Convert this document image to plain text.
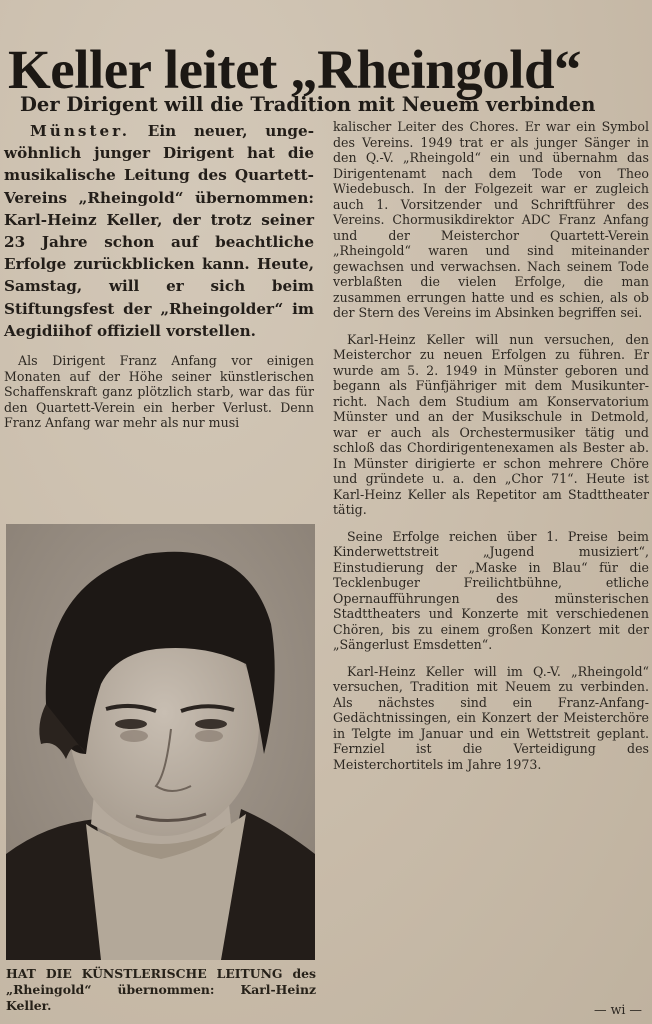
Keller leitet „Rheingold“
Der Dirigent will die Tradition mit Neuem verbinden

Münster. Ein neuer, ungewöhnlich junger Dirigent hat die musikalische Leitung des Quartett-Vereins „Rheingold“ übernommen: Karl-Heinz Keller, der trotz seiner 23 Jahre schon auf beachtliche Erfolge zurückblicken kann. Heute, Samstag, will er sich beim Stiftungsfest der „Rheingolder“ im Aegidiihof offiziell vorstellen.

Als Dirigent Franz Anfang vor einigen Monaten auf der Höhe seiner künstlerischen Schaffenskraft ganz plötzlich starb, war das für den Quartett-Verein ein herber Verlust. Denn Franz Anfang war mehr als nur musi

HAT DIE KÜNSTLERISCHE LEITUNG des „Rheingold“ übernommen: Karl-Heinz Keller.

kalischer Leiter des Chores. Er war ein Symbol des Vereins. 1949 trat er als junger Sänger in den Q.-V. „Rheingold“ ein und übernahm das Dirigentenamt nach dem Tode von Theo Wiedebusch. In der Folgezeit war er zugleich auch 1. Vorsitzender und Schriftführer des Vereins. Chormusikdirektor ADC Franz Anfang und der Meisterchor Quartett-Verein „Rheingold“ waren und sind miteinander gewachsen und verwachsen. Nach seinem Tode verblaßten die vielen Erfolge, die man zusammen errungen hatte und es schien, als ob der Stern des Vereins im Absinken begriffen sei.

Karl-Heinz Keller will nun versuchen, den Meisterchor zu neuen Erfolgen zu führen. Er wurde am 5. 2. 1949 in Münster geboren und begann als Fünfjähriger mit dem Musikunterricht. Nach dem Studium am Konservatorium Münster und an der Musikschule in Detmold, war er auch als Orchestermusiker tätig und schloß das Chordirigentenexamen als Bester ab. In Münster dirigierte er schon mehrere Chöre und gründete u. a. den „Chor 71“. Heute ist Karl-Heinz Keller als Repetitor am Stadttheater tätig.

Seine Erfolge reichen über 1. Preise beim Kinderwettstreit „Jugend musiziert“, Einstudierung der „Maske in Blau“ für die Tecklenbuger Freilichtbühne, etliche Opernaufführungen des münsterischen Stadttheaters und Konzerte mit verschiedenen Chören, bis zu einem großen Konzert mit der „Sängerlust Emsdetten“.

Karl-Heinz Keller will im Q.-V. „Rheingold“ versuchen, Tradition mit Neuem zu verbinden. Als nächstes sind ein Franz-Anfang-Gedächtnissingen, ein Konzert der Meisterchöre in Telgte im Januar und ein Wettstreit geplant. Fernziel ist die Verteidigung des Meisterchortitels im Jahre 1973.

— wi —
